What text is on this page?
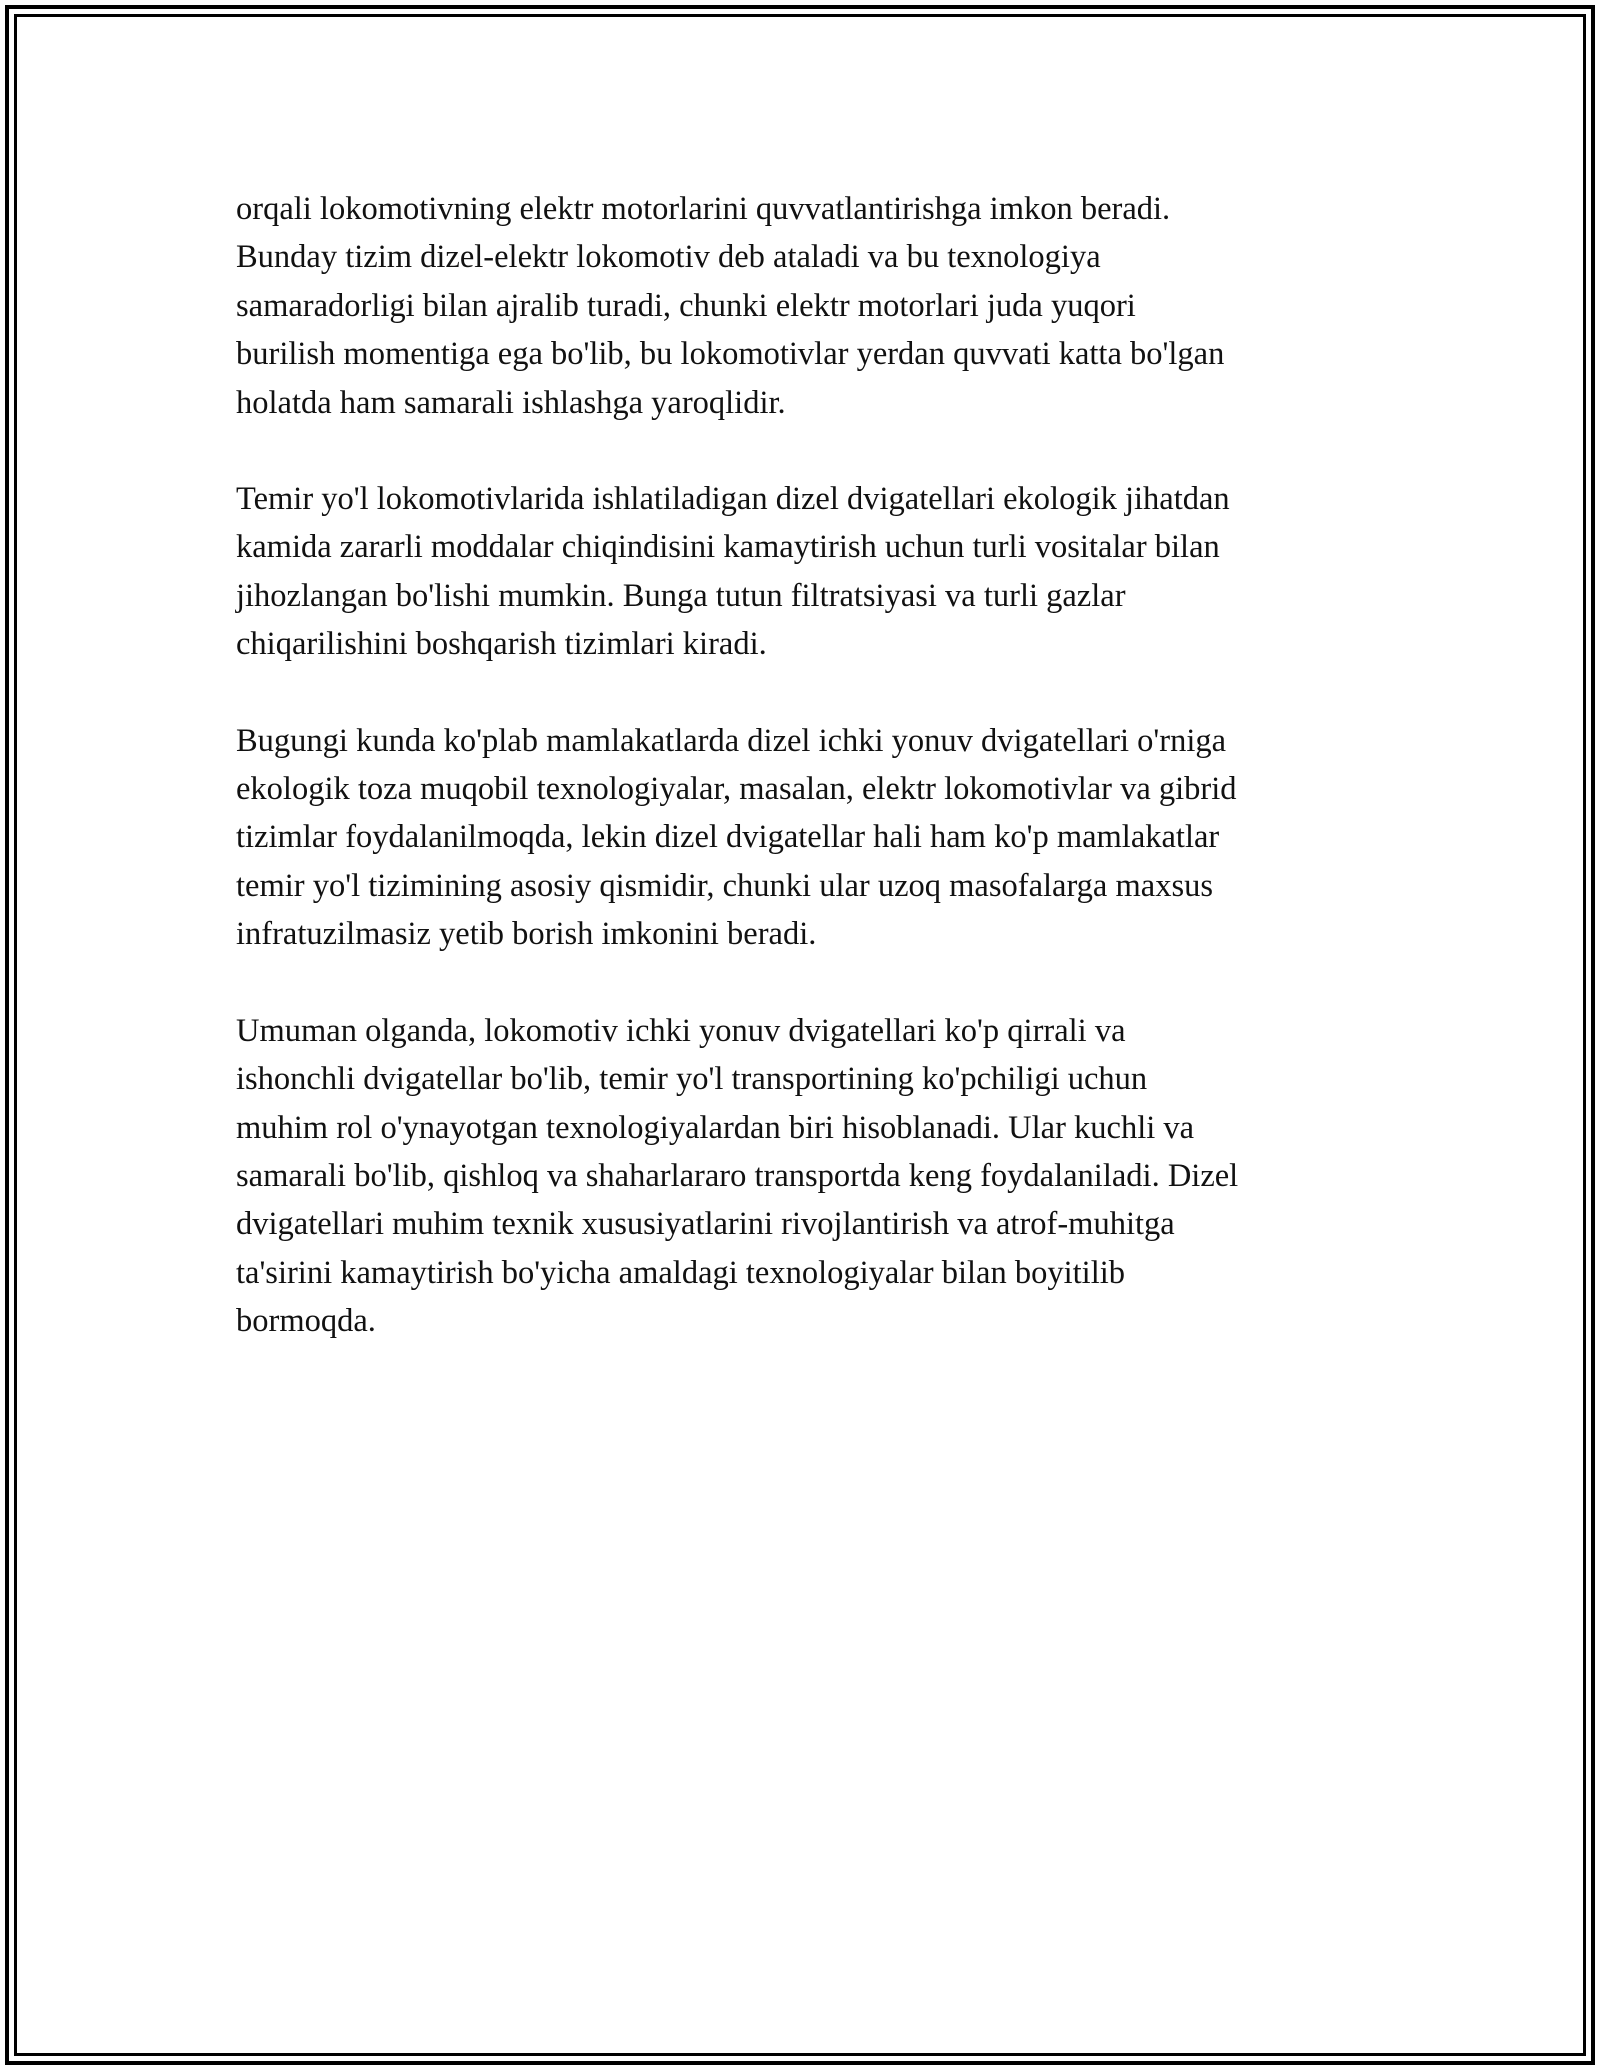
orqali lokomotivning elektr motorlarini quvvatlantirishga imkon beradi.
Bunday tizim dizel-elektr lokomotiv deb ataladi va bu texnologiya
samaradorligi bilan ajralib turadi, chunki elektr motorlari juda yuqori
burilish momentiga ega bo'lib, bu lokomotivlar yerdan quvvati katta bo'lgan
holatda ham samarali ishlashga yaroqlidir.

Temir yo'l lokomotivlarida ishlatiladigan dizel dvigatellari ekologik jihatdan
kamida zararli moddalar chiqindisini kamaytirish uchun turli vositalar bilan
jihozlangan bo'lishi mumkin. Bunga tutun filtratsiyasi va turli gazlar
chiqarilishini boshqarish tizimlari kiradi.

Bugungi kunda ko'plab mamlakatlarda dizel ichki yonuv dvigatellari o'rniga
ekologik toza muqobil texnologiyalar, masalan, elektr lokomotivlar va gibrid
tizimlar foydalanilmoqda, lekin dizel dvigatellar hali ham ko'p mamlakatlar
temir yo'l tizimining asosiy qismidir, chunki ular uzoq masofalarga maxsus
infratuzilmasiz yetib borish imkonini beradi.

Umuman olganda, lokomotiv ichki yonuv dvigatellari ko'p qirrali va
ishonchli dvigatellar bo'lib, temir yo'l transportining ko'pchiligi uchun
muhim rol o'ynayotgan texnologiyalardan biri hisoblanadi. Ular kuchli va
samarali bo'lib, qishloq va shaharlararo transportda keng foydalaniladi. Dizel
dvigatellari muhim texnik xususiyatlarini rivojlantirish va atrof-muhitga
ta'sirini kamaytirish bo'yicha amaldagi texnologiyalar bilan boyitilib
bormoqda.
